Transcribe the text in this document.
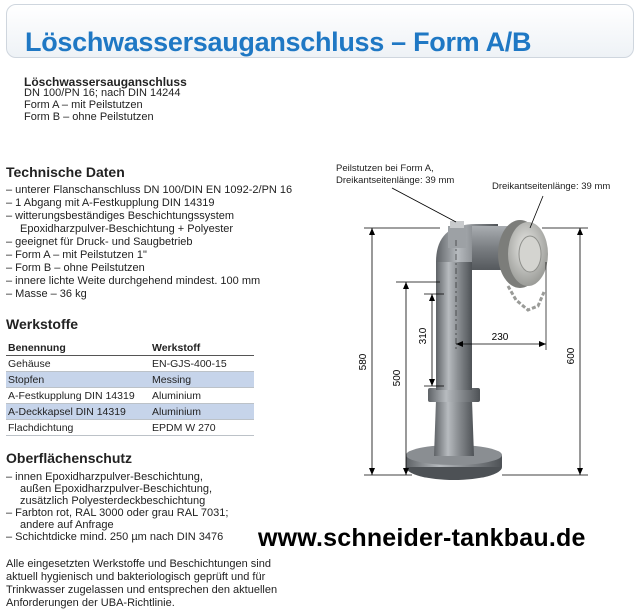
Löschwassersauganschluss – Form A/B
Löschwassersauganschluss
DN 100/PN 16; nach DIN 14244
Form A – mit Peilstutzen
Form B – ohne Peilstutzen
Technische Daten
– unterer Flanschanschluss DN 100/DIN EN 1092-2/PN 16
– 1 Abgang mit A-Festkupplung DIN 14319
– witterungsbeständiges Beschichtungssystem
Epoxidharzpulver-Beschichtung + Polyester
– geeignet für Druck- und Saugbetrieb
– Form A – mit Peilstutzen 1"
– Form B – ohne Peilstutzen
– innere lichte Weite durchgehend mindest. 100 mm
– Masse – 36 kg
Werkstoffe
Benennung	Werkstoff
Gehäuse	EN-GJS-400-15
Stopfen	Messing
A-Festkupplung DIN 14319	Aluminium
A-Deckkapsel DIN 14319	Aluminium
Flachdichtung	EPDM W 270
Oberflächenschutz
– innen Epoxidharzpulver-Beschichtung,
außen Epoxidharzpulver-Beschichtung,
zusätzlich Polyesterdeckbeschichtung
– Farbton rot, RAL 3000 oder grau RAL 7031;
andere auf Anfrage
– Schichtdicke mind. 250 µm nach DIN 3476
Alle eingesetzten Werkstoffe und Beschichtungen sind
aktuell hygienisch und bakteriologisch geprüft und für
Trinkwasser zugelassen und entsprechen den aktuellen
Anforderungen der UBA-Richtlinie.
www.schneider-tankbau.de
580
500
310	230
600
Peilstutzen bei Form A,
Dreikantseitenlänge: 39 mm
Dreikantseitenlänge: 39 mm
